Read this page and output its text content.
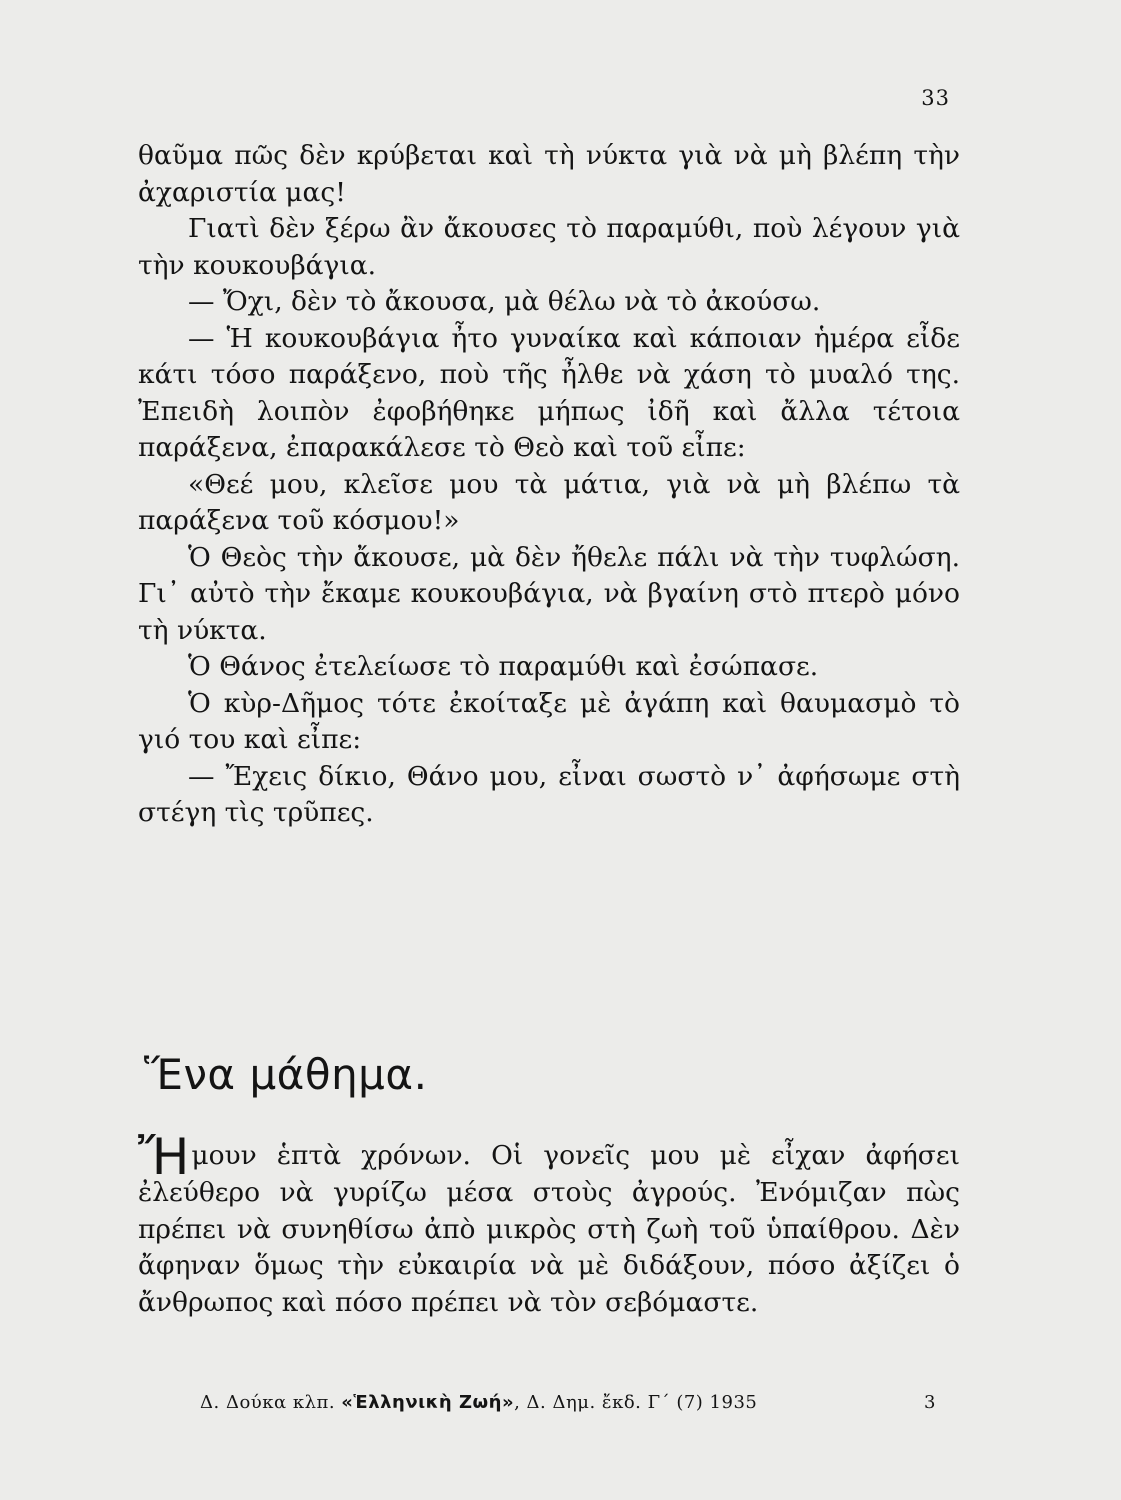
33

θαῦμα πῶς δὲν κρύβεται καὶ τὴ νύκτα γιὰ νὰ μὴ βλέπη τὴν ἀχαριστία μας!

Γιατὶ δὲν ξέρω ἂν ἄκουσες τὸ παραμύθι, ποὺ λέγουν γιὰ τὴν κουκουβάγια.

— Ὄχι, δὲν τὸ ἄκουσα, μὰ θέλω νὰ τὸ ἀκούσω.

— Ἡ κουκουβάγια ἦτο γυναίκα καὶ κάποιαν ἡμέρα εἶδε κάτι τόσο παράξενο, ποὺ τῆς ἦλθε νὰ χάση τὸ μυαλό της. Ἐπειδὴ λοιπὸν ἐφοβήθηκε μήπως ἰδῆ καὶ ἄλλα τέτοια παράξενα, ἐπαρακάλεσε τὸ Θεὸ καὶ τοῦ εἶπε:

«Θεέ μου, κλεῖσε μου τὰ μάτια, γιὰ νὰ μὴ βλέπω τὰ παράξενα τοῦ κόσμου!»

Ὁ Θεὸς τὴν ἄκουσε, μὰ δὲν ἤθελε πάλι νὰ τὴν τυφλώση. Γι᾽ αὐτὸ τὴν ἔκαμε κουκουβάγια, νὰ βγαίνη στὸ πτερὸ μόνο τὴ νύκτα.

Ὁ Θάνος ἐτελείωσε τὸ παραμύθι καὶ ἐσώπασε.

Ὁ κὺρ-Δῆμος τότε ἐκοίταξε μὲ ἀγάπη καὶ θαυμασμὸ τὸ γιό του καὶ εἶπε:

— Ἔχεις δίκιο, Θάνο μου, εἶναι σωστὸ ν᾽ ἀφήσωμε στὴ στέγη τὶς τρῦπες.

Ἕνα μάθημα.

Ἤμουν ἑπτὰ χρόνων. Οἱ γονεῖς μου μὲ εἶχαν ἀφήσει ἐλεύθερο νὰ γυρίζω μέσα στοὺς ἀγρούς. Ἐνόμιζαν πὼς πρέπει νὰ συνηθίσω ἀπὸ μικρὸς στὴ ζωὴ τοῦ ὑπαίθρου. Δὲν ἄφηναν ὅμως τὴν εὐκαιρία νὰ μὲ διδάξουν, πόσο ἀξίζει ὁ ἄνθρωπος καὶ πόσο πρέπει νὰ τὸν σεβόμαστε.

Δ. Δούκα κλπ. «Ἑλληνικὴ Ζωή», Δ. Δημ. ἔκδ. Γ΄ (7) 1935	3
